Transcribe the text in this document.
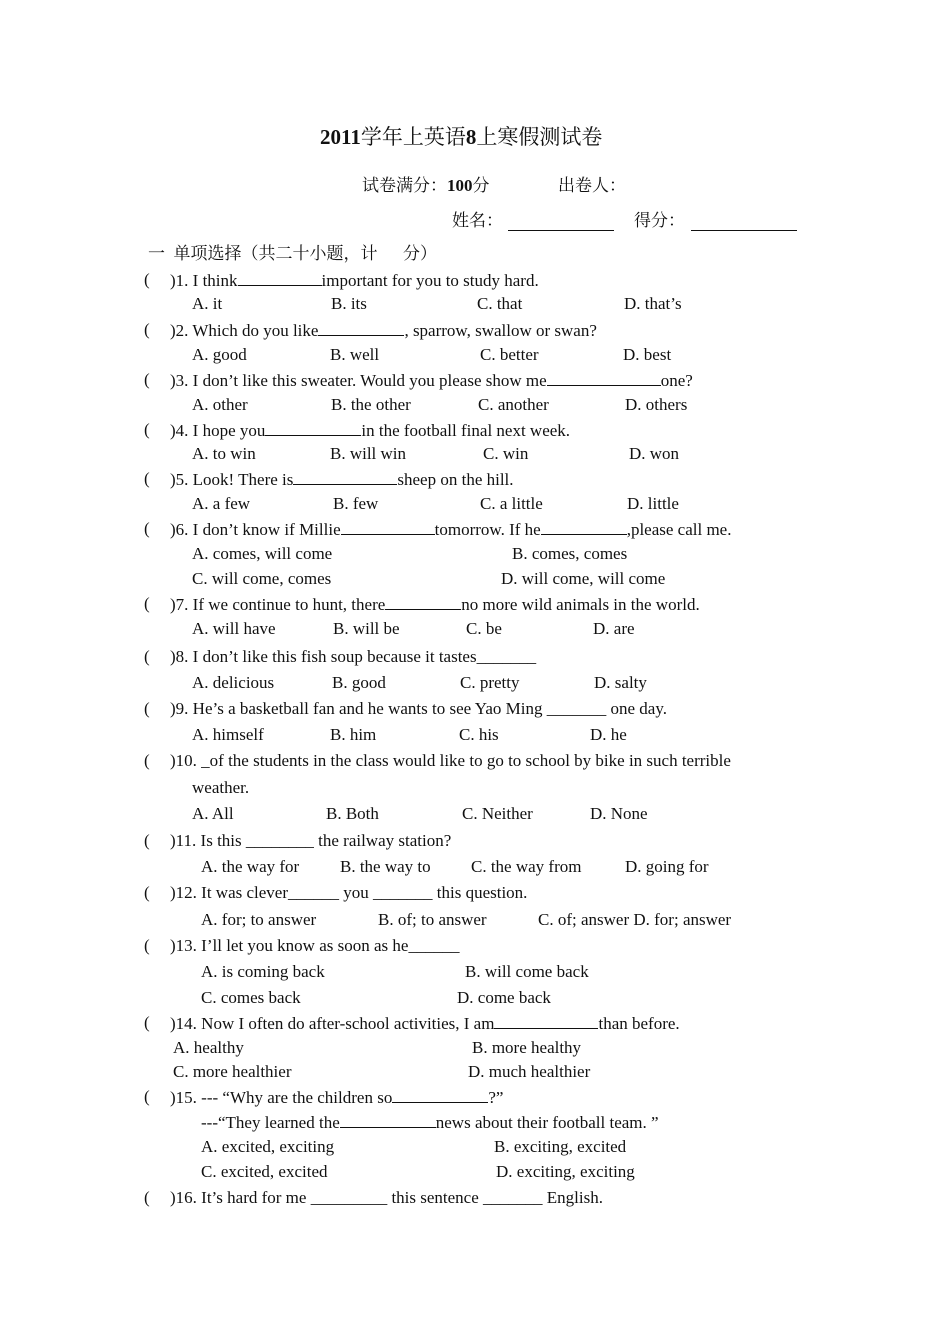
2011学年上英语8上寒假测试卷
试卷满分：100分	出卷人：
姓名：	得分：
一  单项选择（共二十小题，计      分）
( )1. I think	important for you to study hard.
A. it	B. its	C. that	D. that’s
( )2. Which do you like	, sparrow, swallow or swan?
A. good	B. well	C. better	D. best
( )3. I don’t like this sweater. Would you please show me	one?
A. other	B. the other	C. another	D. others
( )4. I hope you	in the football final next week.
A. to win	B. will win	C. win	D. won
( )5. Look! There is	sheep on the hill.
A. a few	B. few	C. a little	D. little
( )6. I don’t know if Millie	tomorrow. If he	,please call me.
A. comes, will come	B. comes, comes
C. will come, comes	D. will come, will come
( )7. If we continue to hunt, there	no more wild animals in the world.
A. will have	B. will be	C. be	D. are
( )8. I don’t like this fish soup because it tastes_______
A. delicious	B. good	C. pretty	D. salty
( )9. He’s a basketball fan and he wants to see Yao Ming _______ one day.
A. himself	B. him	C. his	D. he
( )10. _of the students in the class would like to go to school by bike in such terrible
weather.
A. All	B. Both	C. Neither	D. None
( )11. Is this ________ the railway station?
A. the way for B. the way to C. the way from	D. going for
( )12. It was clever______ you _______ this question.
A. for; to answer	B. of; to answer	C. of; answer D. for; answer
( )13. I’ll let you know as soon as he______
A. is coming back	B. will come back
C. comes back	D. come back
( )14. Now I often do after-school activities, I am	than before.
A. healthy	B. more healthy
C. more healthier	D. much healthier
( )15. --- “Why are the children so	?”
---“They learned the	news about their football team. ”
A. excited, exciting	B. exciting, excited
C. excited, excited	D. exciting, exciting
( )16. It’s hard for me _________ this sentence _______ English.
